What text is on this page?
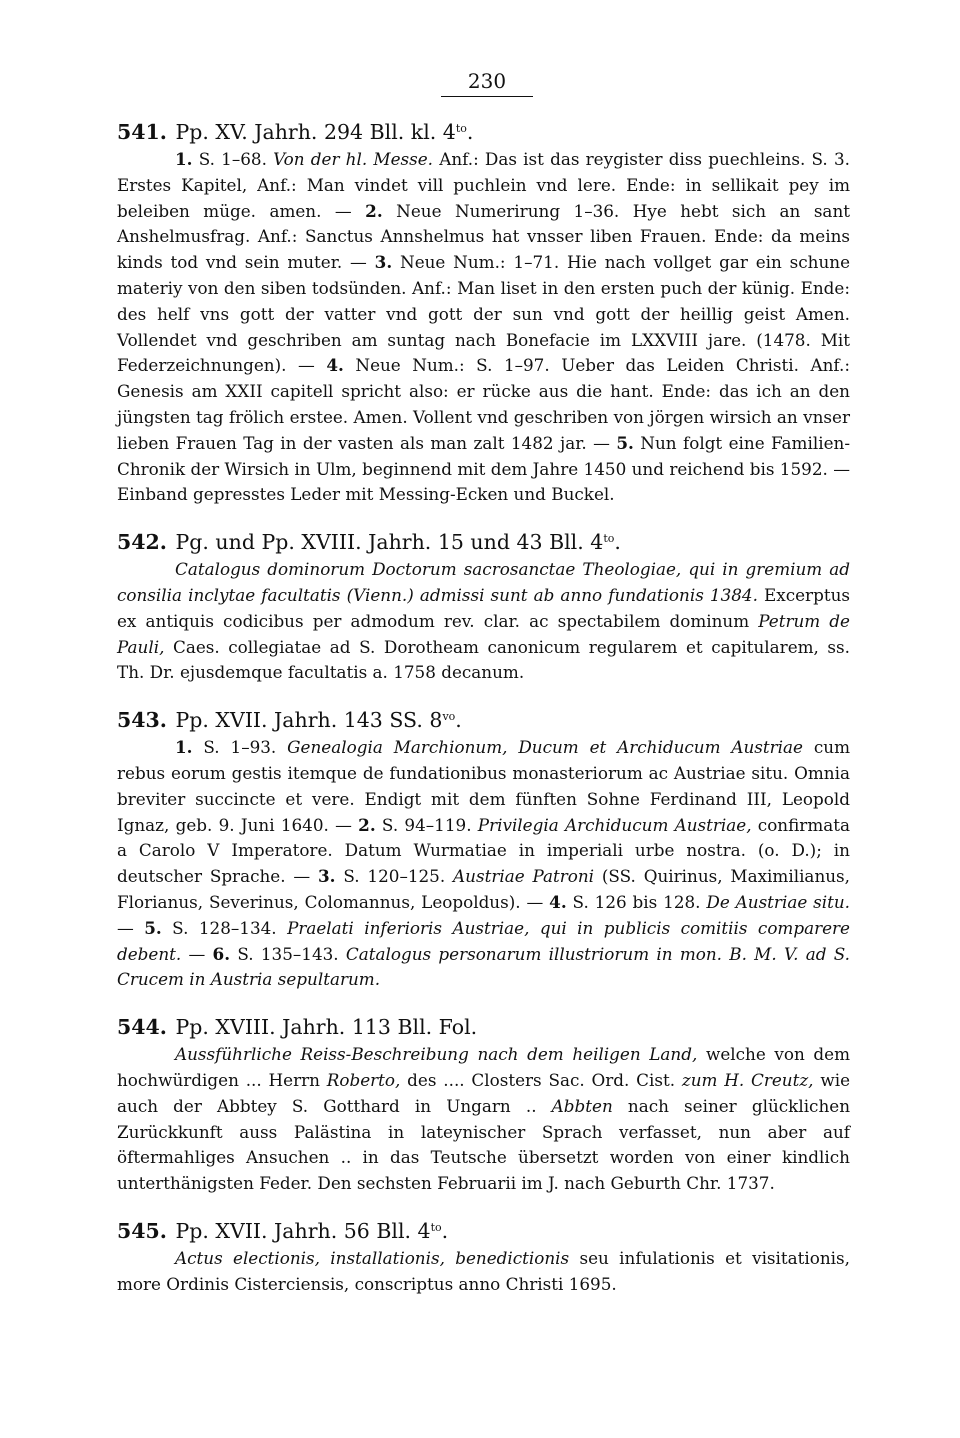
230
541. Pp. XV. Jahrh. 294 Bll. kl. $4^{to}$.

1. S. 1–68. Von der hl. Messe. Anf.: Das ist das reygister diss puechleins. S. 3. Erstes Kapitel, Anf.: Man vindet vill puchlein vnd lere. Ende: in sellikait pey im beleiben müge. amen. — 2. Neue Numerirung 1–36. Hye hebt sich an sant Anshelmusfrag. Anf.: Sanctus Annshelmus hat vnsser liben Frauen. Ende: da meins kinds tod vnd sein muter. — 3. Neue Num.: 1–71. Hie nach vollget gar ein schune materiy von den siben todsünden. Anf.: Man liset in den ersten puch der künig. Ende: des helf vns gott der vatter vnd gott der sun vnd gott der heillig geist Amen. Vollendet vnd geschriben am suntag nach Bonefacie im LXXVIII jare. (1478. Mit Federzeichnungen). — 4. Neue Num.: S. 1–97. Ueber das Leiden Christi. Anf.: Genesis am XXII capitell spricht also: er rücke aus die hant. Ende: das ich an den jüngsten tag frölich erstee. Amen. Vollent vnd geschriben von jörgen wirsich an vnser lieben Frauen Tag in der vasten als man zalt 1482 jar. — 5. Nun folgt eine Familien-Chronik der Wirsich in Ulm, beginnend mit dem Jahre 1450 und reichend bis 1592. — Einband gepresstes Leder mit Messing-Ecken und Buckel.

542. Pg. und Pp. XVIII. Jahrh. 15 und 43 Bll. $4^{to}$.

Catalogus dominorum Doctorum sacrosanctae Theologiae, qui in gremium ad consilia inclytae facultatis (Vienn.) admissi sunt ab anno fundationis 1384. Excerptus ex antiquis codicibus per admodum rev. clar. ac spectabilem dominum Petrum de Pauli, Caes. collegiatae ad S. Dorotheam canonicum regularem et capitularem, ss. Th. Dr. ejusdemque facultatis a. 1758 decanum.

543. Pp. XVII. Jahrh. 143 SS. $8^{vo}$.

1. S. 1–93. Genealogia Marchionum, Ducum et Archiducum Austriae cum rebus eorum gestis itemque de fundationibus monasteriorum ac Austriae situ. Omnia breviter succincte et vere. Endigt mit dem fünften Sohne Ferdinand III, Leopold Ignaz, geb. 9. Juni 1640. — 2. S. 94–119. Privilegia Archiducum Austriae, confirmata a Carolo V Imperatore. Datum Wurmatiae in imperiali urbe nostra. (o. D.); in deutscher Sprache. — 3. S. 120–125. Austriae Patroni (SS. Quirinus, Maximilianus, Florianus, Severinus, Colomannus, Leopoldus). — 4. S. 126 bis 128. De Austriae situ. — 5. S. 128–134. Praelati inferioris Austriae, qui in publicis comitiis comparere debent. — 6. S. 135–143. Catalogus personarum illustriorum in mon. B. M. V. ad S. Crucem in Austria sepultarum.

544. Pp. XVIII. Jahrh. 113 Bll. Fol.

Aussführliche Reiss-Beschreibung nach dem heiligen Land, welche von dem hochwürdigen ... Herrn Roberto, des .... Closters Sac. Ord. Cist. zum H. Creutz, wie auch der Abbtey S. Gotthard in Ungarn .. Abbten nach seiner glücklichen Zurückkunft auss Palästina in lateynischer Sprach verfasset, nun aber auf öftermahliges Ansuchen .. in das Teutsche übersetzt worden von einer kindlich unterthänigsten Feder. Den sechsten Februarii im J. nach Geburth Chr. 1737.

545. Pp. XVII. Jahrh. 56 Bll. $4^{to}$.

Actus electionis, installationis, benedictionis seu infulationis et visitationis, more Ordinis Cisterciensis, conscriptus anno Christi 1695.
